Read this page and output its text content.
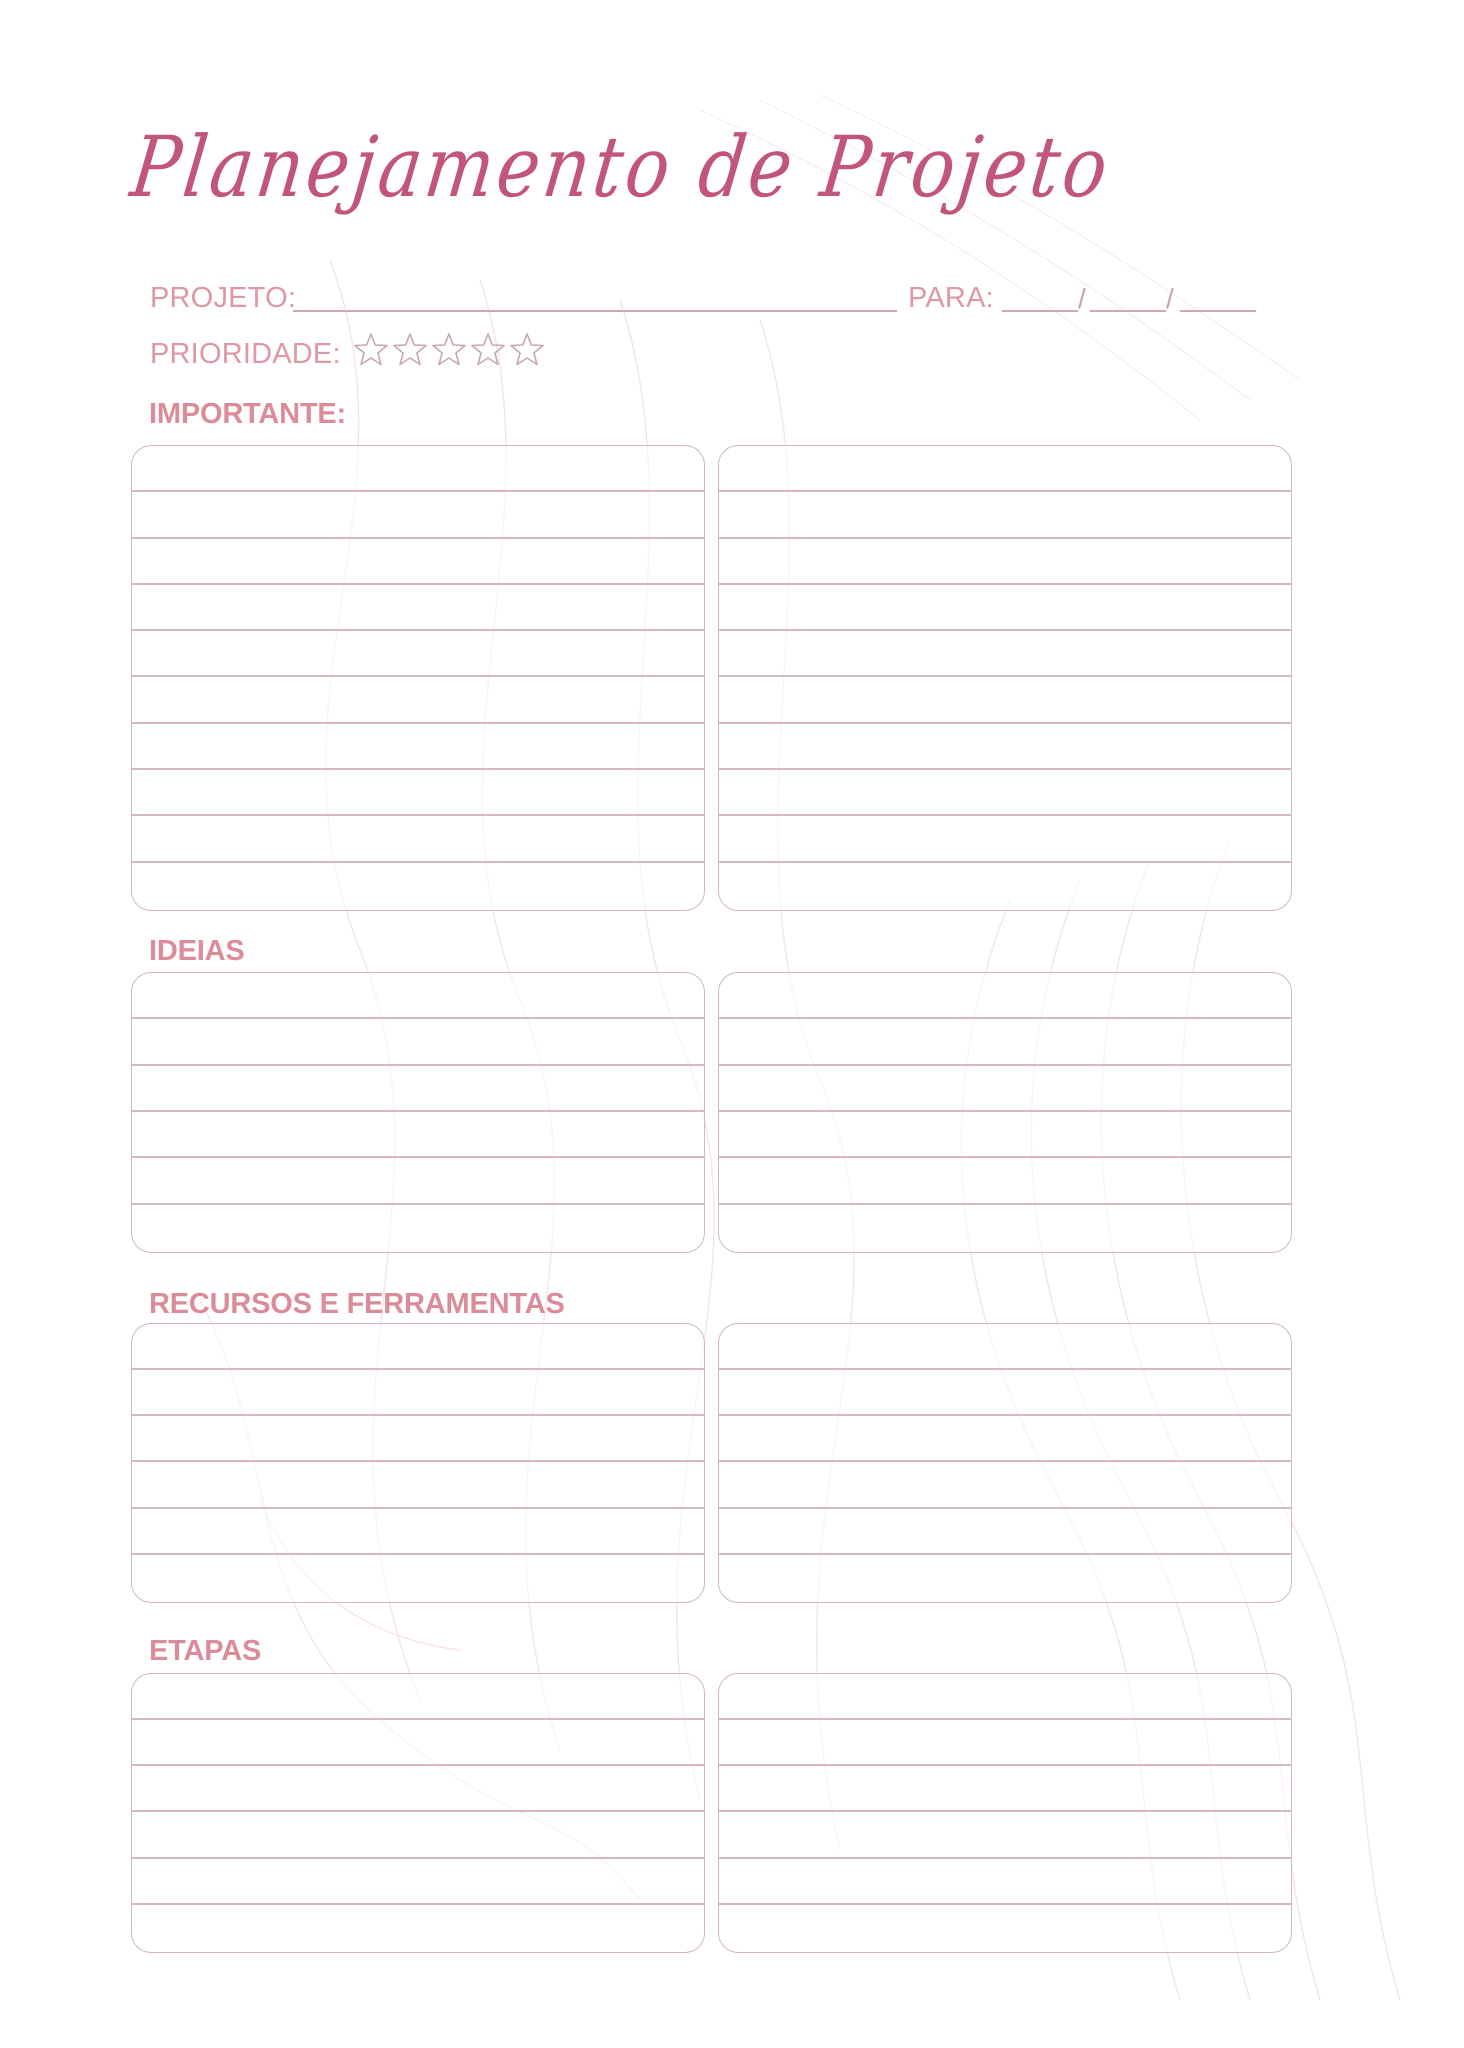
Planejamento de Projeto
PROJETO:	PARA:	/	/
PRIORIDADE:
IMPORTANTE:
IDEIAS
RECURSOS E FERRAMENTAS
ETAPAS
